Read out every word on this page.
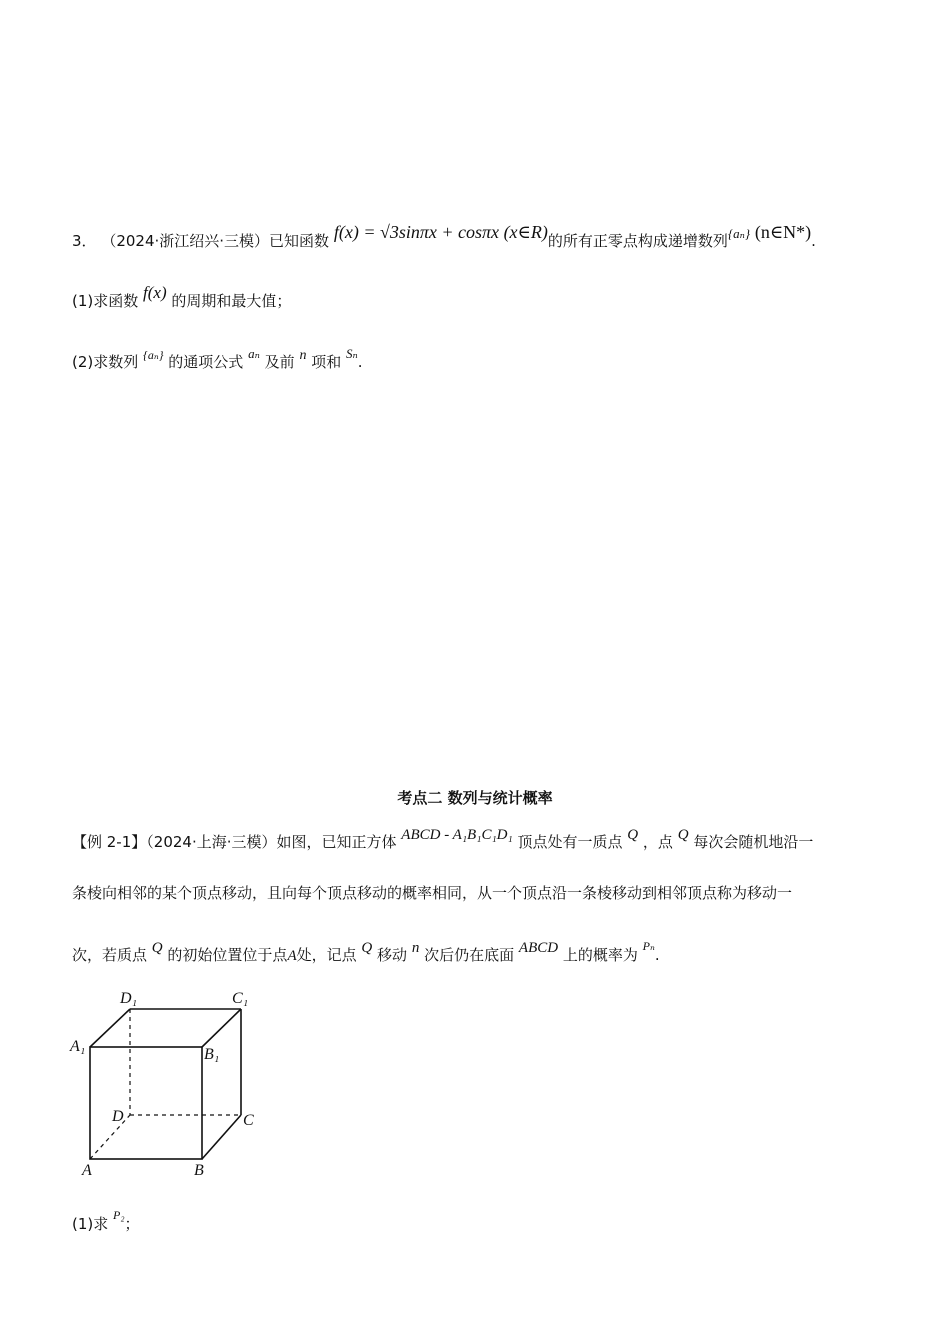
3． （2024·浙江绍兴·三模）已知函数 f(x) = √3sinπx + cosπx (x∈R)的所有正零点构成递增数列{aₙ} (n∈N*).
(1)求函数 f(x) 的周期和最大值；
(2)求数列 $^{\{a_n\}}$ 的通项公式 aₙ 及前 n 项和 Sₙ.
考点二 数列与统计概率
【例 2-1】（2024·上海·三模）如图，已知正方体 ABCD - A₁B₁C₁D₁ 顶点处有一质点 Q ，点 Q 每次会随机地沿一
条棱向相邻的某个顶点移动，且向每个顶点移动的概率相同，从一个顶点沿一条棱移动到相邻顶点称为移动一
次，若质点 Q 的初始位置位于点A处，记点 Q 移动 n 次后仍在底面 ABCD 上的概率为 $^{P_n}$.
D₁	C₁
A₁	B₁
D	C
A	B
(1)求 $^{P_2}$；
